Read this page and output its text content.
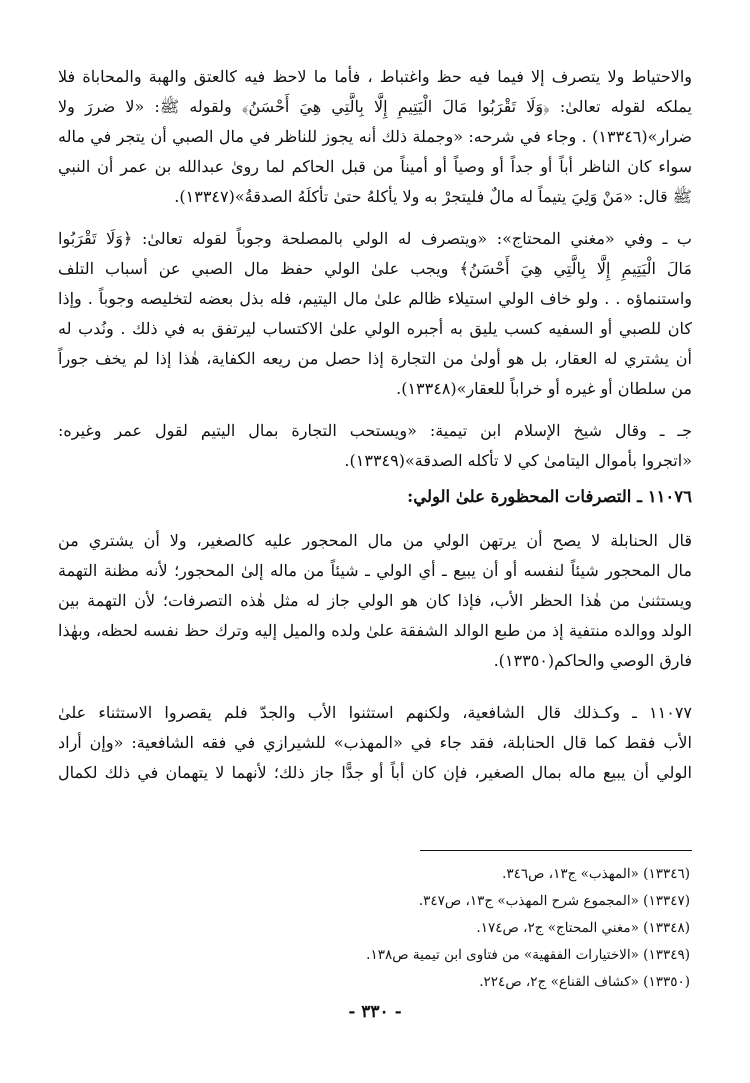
والاحتياط ولا يتصرف إلا فيما فيه حظ واغتباط ، فأما ما لاحظ فيه كالعتق والهبة والمحاباة فلا
يملكه لقوله تعالىٰ: ﴿وَلَا تَقْرَبُوا مَالَ الْيَتِيمِ إِلَّا بِالَّتِي هِيَ أَحْسَنُ﴾ ولقوله ﷺ: «لا ضررَ ولا
ضرار»(١٣٣٤٦) . وجاء في شرحه: «وجملة ذلك أنه يجوز للناظر في مال الصبي أن يتجر في ماله
سواء كان الناظر أباً أو جداً أو وصياً أو أميناً من قبل الحاكم لما روىٰ عبدالله بن عمر أن النبي
ﷺ قال: «مَنْ وَلِيَ يتيماً له مالٌ فليتجرْ به ولا يأكلهُ حتىٰ تأكلَهُ الصدقةُ»(١٣٣٤٧).
ب ـ وفي «مغني المحتاج»: «ويتصرف له الولي بالمصلحة وجوباً لقوله تعالىٰ: ﴿وَلَا تَقْرَبُوا
مَالَ الْيَتِيمِ إِلَّا بِالَّتِي هِيَ أَحْسَنُ﴾ ويجب علىٰ الولي حفظ مال الصبي عن أسباب التلف
واستنماؤه . . ولو خاف الولي استيلاء ظالم علىٰ مال اليتيم، فله بذل بعضه لتخليصه وجوباً . وإذا
كان للصبي أو السفيه كسب يليق به أجبره الولي علىٰ الاكتساب ليرتفق به في ذلك . ونُدب له
أن يشتري له العقار، بل هو أولىٰ من التجارة إذا حصل من ريعه الكفاية، هٰذا إذا لم يخف جوراً
من سلطان أو غيره أو خراباً للعقار»(١٣٣٤٨).
جـ ـ وقال شيخ الإسلام ابن تيمية: «ويستحب التجارة بمال اليتيم لقول عمر وغيره:
«اتجروا بأموال اليتامىٰ كي لا تأكله الصدقة»(١٣٣٤٩).

١١٠٧٦ ـ التصرفات المحظورة علىٰ الولي:

قال الحنابلة لا يصح أن يرتهن الولي من مال المحجور عليه كالصغير، ولا أن يشتري من
مال المحجور شيئاً لنفسه أو أن يبيع ـ أي الولي ـ شيئاً من ماله إلىٰ المحجور؛ لأنه مظنة التهمة
ويستثنىٰ من هٰذا الحظر الأب، فإذا كان هو الولي جاز له مثل هٰذه التصرفات؛ لأن التهمة بين
الولد ووالده منتفية إذ من طبع الوالد الشفقة علىٰ ولده والميل إليه وترك حظ نفسه لحظه، وبهٰذا
فارق الوصي والحاكم(١٣٣٥٠).
١١٠٧٧ ـ وكـذلك قال الشافعية، ولكنهم استثنوا الأب والجدّ فلم يقصروا الاستثناء علىٰ
الأب فقط كما قال الحنابلة، فقد جاء في «المهذب» للشيرازي في فقه الشافعية: «وإن أراد
الولي أن يبيع ماله بمال الصغير، فإن كان أباً أو جدًّا جاز ذلك؛ لأنهما لا يتهمان في ذلك لكمال
(١٣٣٤٦) «المهذب» ج١٣، ص٣٤٦.
(١٣٣٤٧) «المجموع شرح المهذب» ج١٣، ص٣٤٧.
(١٣٣٤٨) «مغني المحتاج» ج٢، ص١٧٤.
(١٣٣٤٩) «الاختيارات الفقهية» من فتاوى ابن تيمية ص١٣٨.
(١٣٣٥٠) «كشاف القناع» ج٢، ص٢٢٤.
- ٣٣٠ -
